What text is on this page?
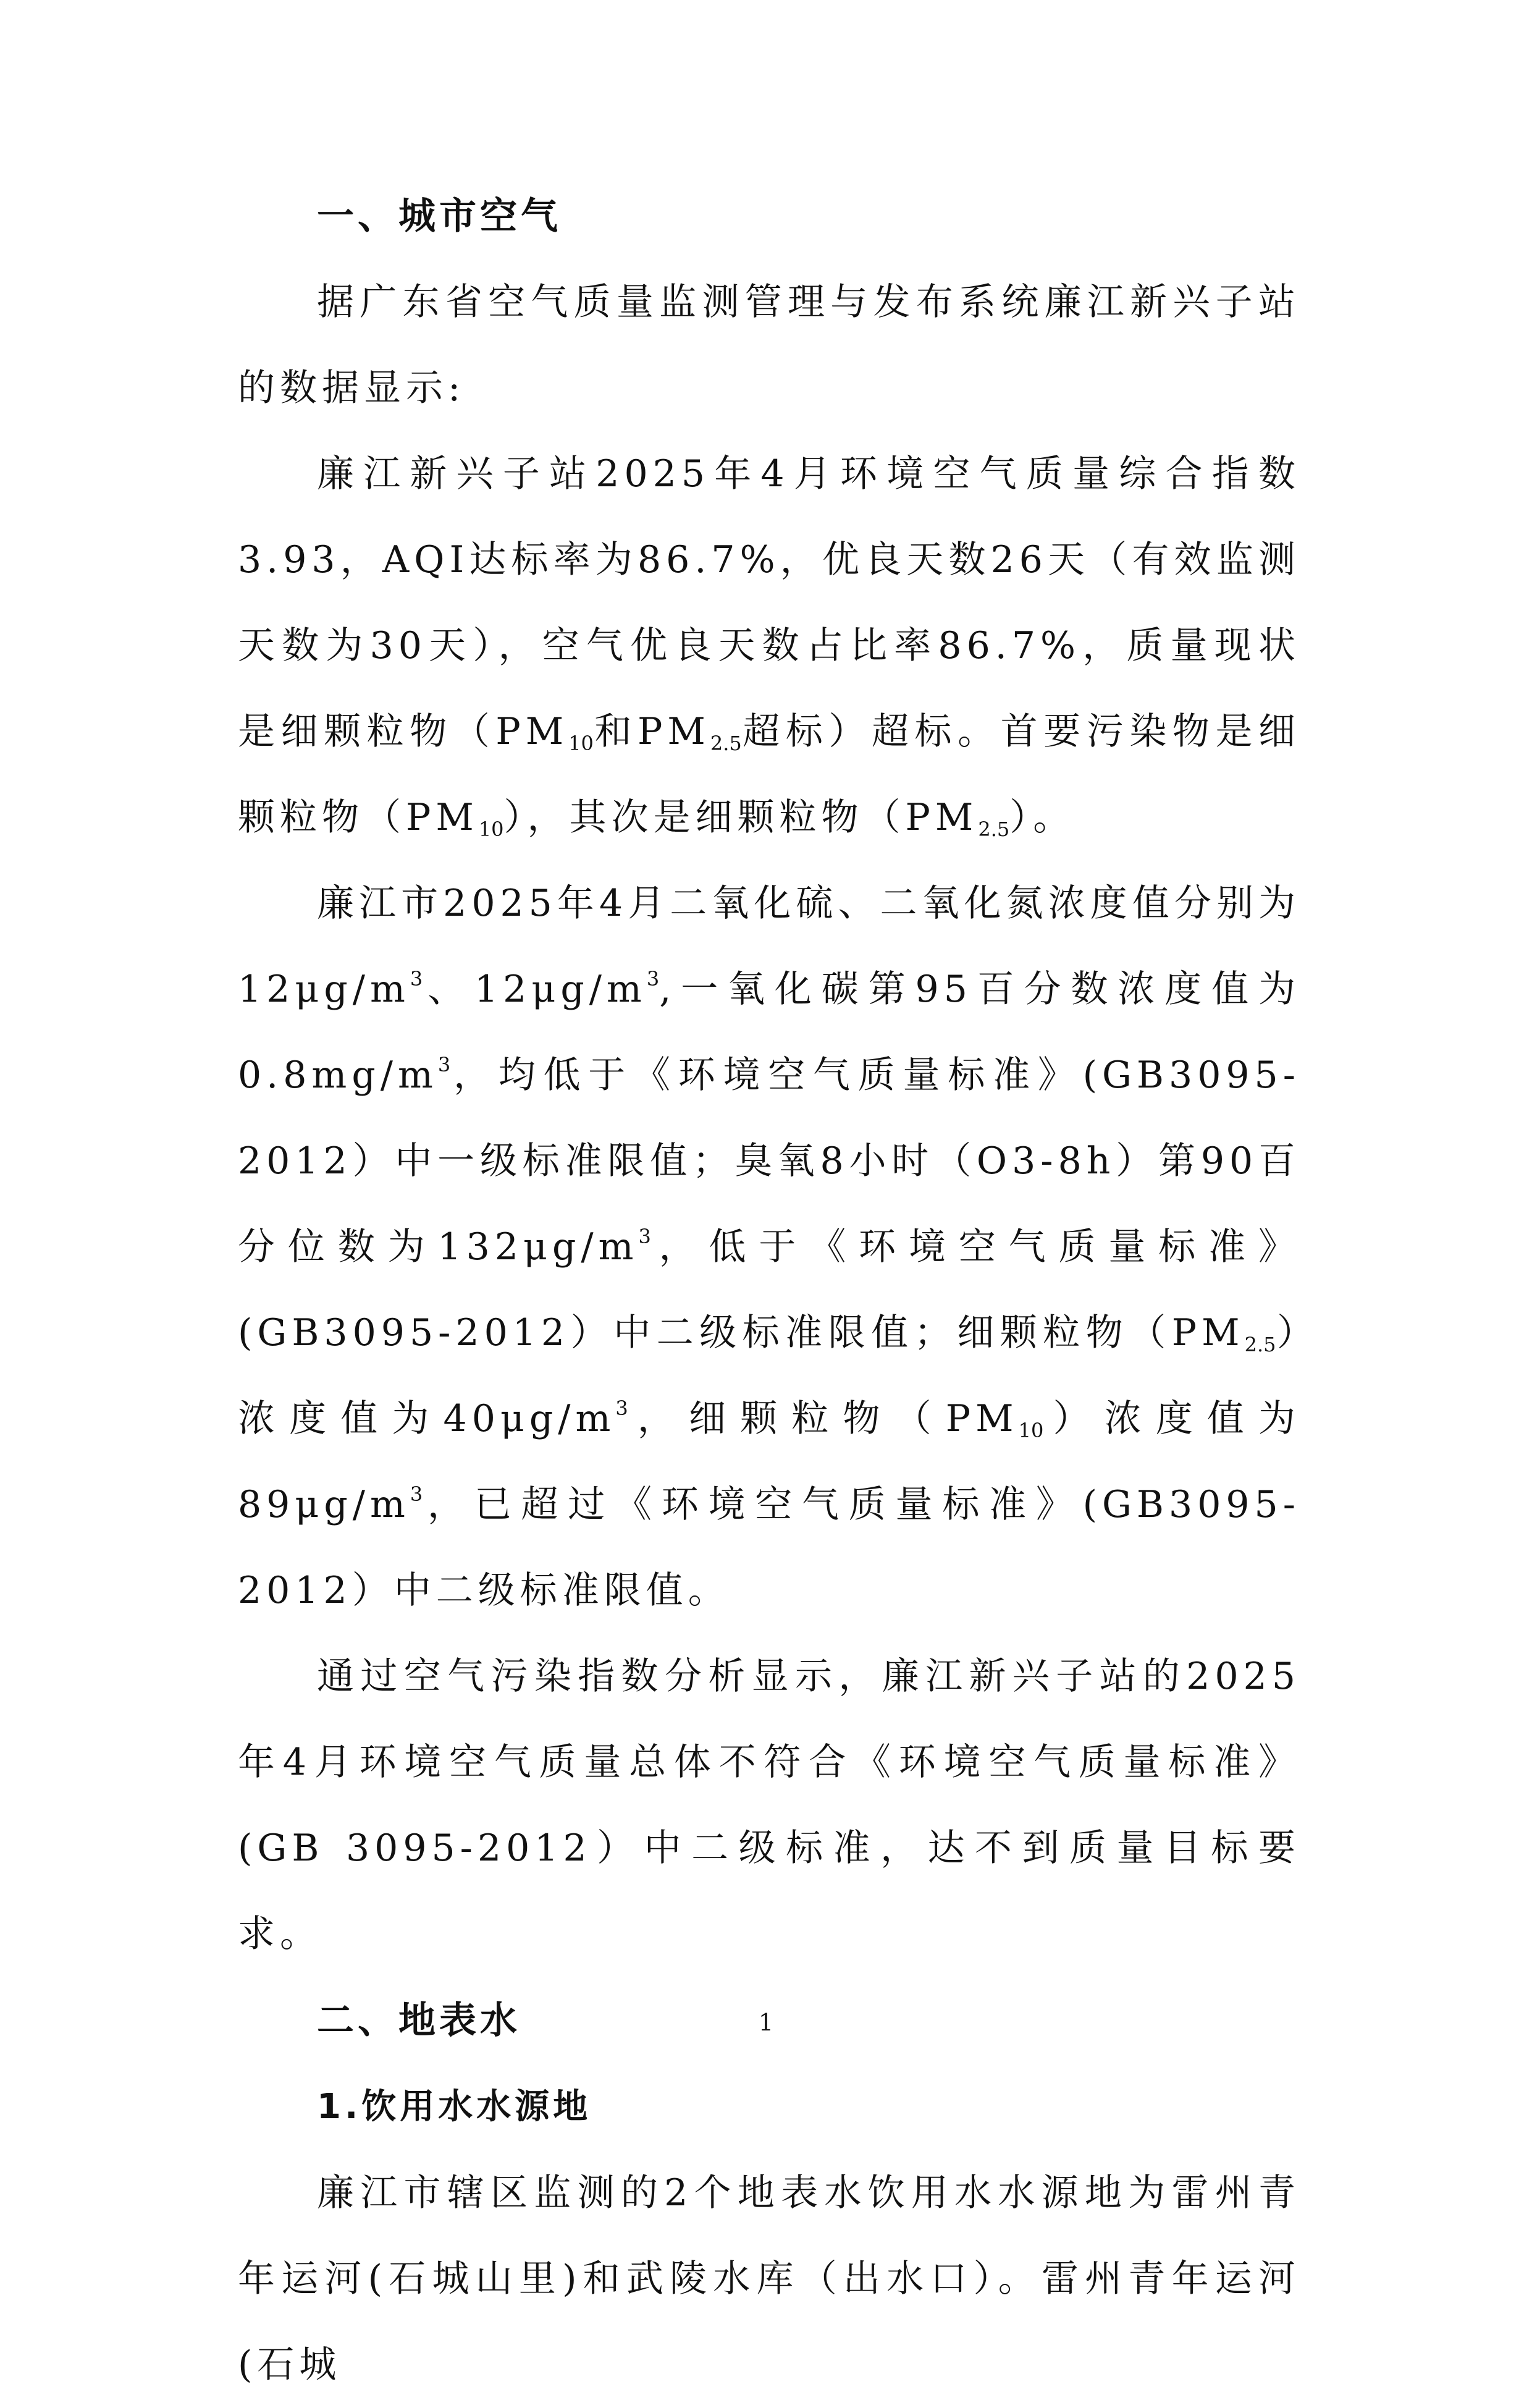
一、城市空气

据广东省空气质量监测管理与发布系统廉江新兴子站的数据显示:

廉江新兴子站2025年4月环境空气质量综合指数3.93，AQI达标率为86.7%，优良天数26天（有效监测天数为30天），空气优良天数占比率86.7%，质量现状是细颗粒物（$PM_{10}$和$PM_{2.5}$超标）超标。首要污染物是细颗粒物$(PM_{10})$，其次是细颗粒物$(PM_{2.5})$。

廉江市2025年4月二氧化硫、二氧化氮浓度值分别为$12\mu g/m^3$、$12\mu g/m^3$,一氧化碳第95百分数浓度值为$0.8mg/m^3$，均低于《环境空气质量标准》(GB3095-2012）中一级标准限值；臭氧8小时（O3-8h）第90百分位数为$132\mu g/m^3$，低于《环境空气质量标准》(GB3095-2012）中二级标准限值；细颗粒物$(PM_{2.5})$浓度值为$40\mu g/m^3$，细颗粒物$(PM_{10})$浓度值为$89\mu g/m^3$，已超过《环境空气质量标准》(GB3095-2012）中二级标准限值。

通过空气污染指数分析显示，廉江新兴子站的2025年4月环境空气质量总体不符合《环境空气质量标准》(GB 3095-2012）中二级标准，达不到质量目标要求。

二、地表水
1.饮用水水源地

廉江市辖区监测的2个地表水饮用水水源地为雷州青年运河(石城山里)和武陵水库（出水口）。雷州青年运河(石城

1
